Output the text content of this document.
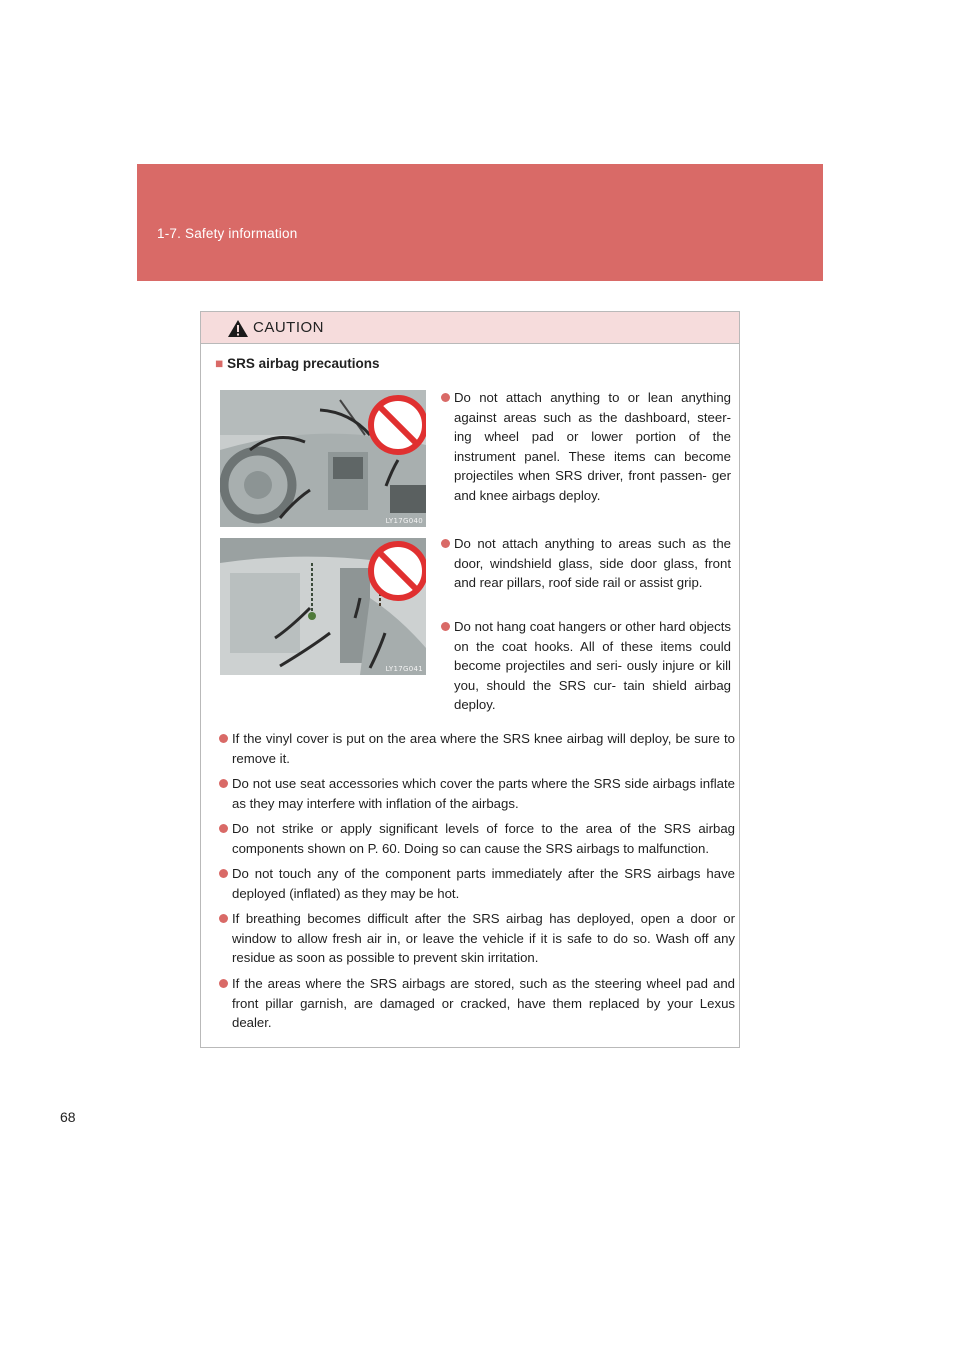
1-7. Safety information
CAUTION
■ SRS airbag precautions
LY17G040
LY17G041
Do not attach anything to or lean anything against areas such as the dashboard, steer- ing wheel pad or lower portion of the instrument panel. These items can become projectiles when SRS driver, front passen- ger and knee airbags deploy.
Do not attach anything to areas such as the door, windshield glass, side door glass, front and rear pillars, roof side rail or assist grip.
Do not hang coat hangers or other hard objects on the coat hooks. All of these items could become projectiles and seri- ously injure or kill you, should the SRS cur- tain shield airbag deploy.
If the vinyl cover is put on the area where the SRS knee airbag will deploy, be sure to remove it.
Do not use seat accessories which cover the parts where the SRS side airbags inflate as they may interfere with inflation of the airbags.
Do not strike or apply significant levels of force to the area of the SRS airbag components shown on P. 60. Doing so can cause the SRS airbags to malfunction.
Do not touch any of the component parts immediately after the SRS airbags have deployed (inflated) as they may be hot.
If breathing becomes difficult after the SRS airbag has deployed, open a door or window to allow fresh air in, or leave the vehicle if it is safe to do so. Wash off any residue as soon as possible to prevent skin irritation.
If the areas where the SRS airbags are stored, such as the steering wheel pad and front pillar garnish, are damaged or cracked, have them replaced by your Lexus dealer.
68
